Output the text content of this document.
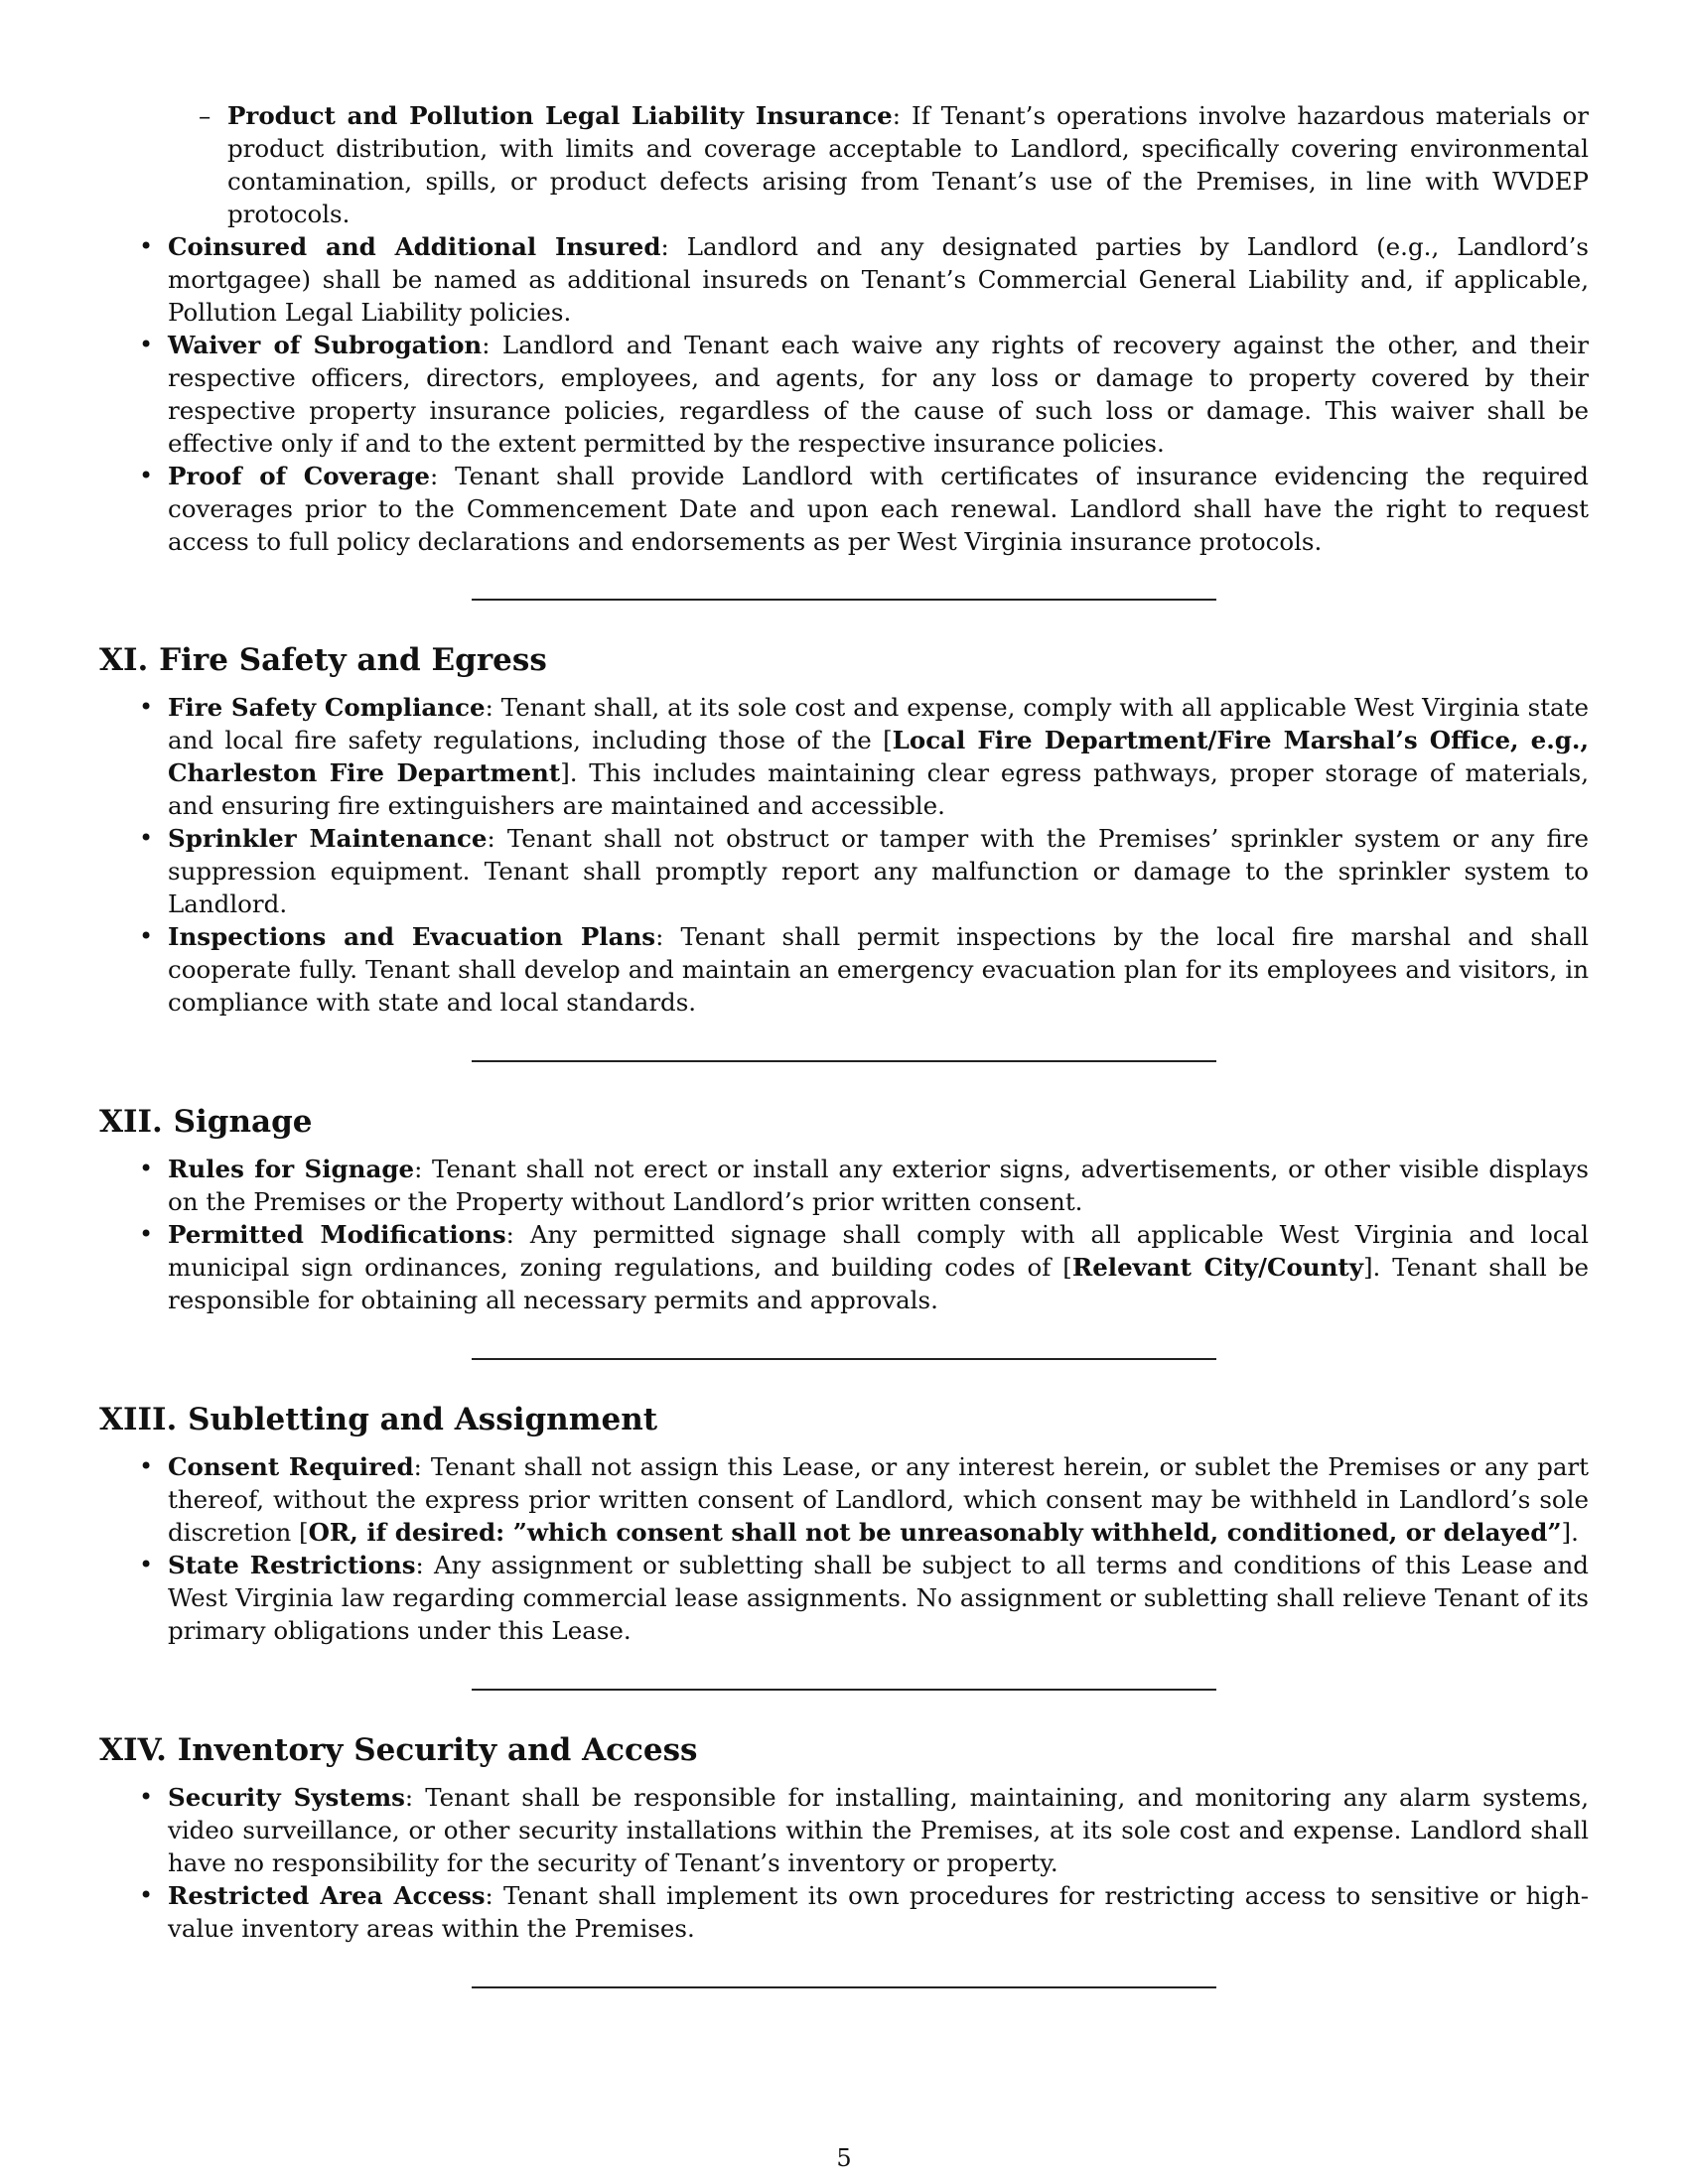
– Product and Pollution Legal Liability Insurance: If Tenant’s operations involve hazardous materials or product distribution, with limits and coverage acceptable to Landlord, specifically covering environmental contamination, spills, or product defects arising from Tenant’s use of the Premises, in line with WVDEP protocols.
• Coinsured and Additional Insured: Landlord and any designated parties by Landlord (e.g., Landlord’s mortgagee) shall be named as additional insureds on Tenant’s Commercial General Liability and, if applicable, Pollution Legal Liability policies.
• Waiver of Subrogation: Landlord and Tenant each waive any rights of recovery against the other, and their respective officers, directors, employees, and agents, for any loss or damage to property covered by their respective property insurance policies, regardless of the cause of such loss or damage. This waiver shall be effective only if and to the extent permitted by the respective insurance policies.
• Proof of Coverage: Tenant shall provide Landlord with certificates of insurance evidencing the required coverages prior to the Commencement Date and upon each renewal. Landlord shall have the right to request access to full policy declarations and endorsements as per West Virginia insurance protocols.
XI. Fire Safety and Egress
• Fire Safety Compliance: Tenant shall, at its sole cost and expense, comply with all applicable West Virginia state and local fire safety regulations, including those of the [Local Fire Department/Fire Marshal’s Office, e.g., Charleston Fire Department]. This includes maintaining clear egress pathways, proper storage of materials, and ensuring fire extinguishers are maintained and accessible.
• Sprinkler Maintenance: Tenant shall not obstruct or tamper with the Premises’ sprinkler system or any fire suppression equipment. Tenant shall promptly report any malfunction or damage to the sprinkler system to Landlord.
• Inspections and Evacuation Plans: Tenant shall permit inspections by the local fire marshal and shall cooperate fully. Tenant shall develop and maintain an emergency evacuation plan for its employees and visitors, in compliance with state and local standards.
XII. Signage
• Rules for Signage: Tenant shall not erect or install any exterior signs, advertisements, or other visible displays on the Premises or the Property without Landlord’s prior written consent.
• Permitted Modifications: Any permitted signage shall comply with all applicable West Virginia and local municipal sign ordinances, zoning regulations, and building codes of [Relevant City/County]. Tenant shall be responsible for obtaining all necessary permits and approvals.
XIII. Subletting and Assignment
• Consent Required: Tenant shall not assign this Lease, or any interest herein, or sublet the Premises or any part thereof, without the express prior written consent of Landlord, which consent may be withheld in Landlord’s sole discretion [OR, if desired: ”which consent shall not be unreasonably withheld, conditioned, or delayed”].
• State Restrictions: Any assignment or subletting shall be subject to all terms and conditions of this Lease and West Virginia law regarding commercial lease assignments. No assignment or subletting shall relieve Tenant of its primary obligations under this Lease.
XIV. Inventory Security and Access
• Security Systems: Tenant shall be responsible for installing, maintaining, and monitoring any alarm systems, video surveillance, or other security installations within the Premises, at its sole cost and expense. Landlord shall have no responsibility for the security of Tenant’s inventory or property.
• Restricted Area Access: Tenant shall implement its own procedures for restricting access to sensitive or high-value inventory areas within the Premises.
5
